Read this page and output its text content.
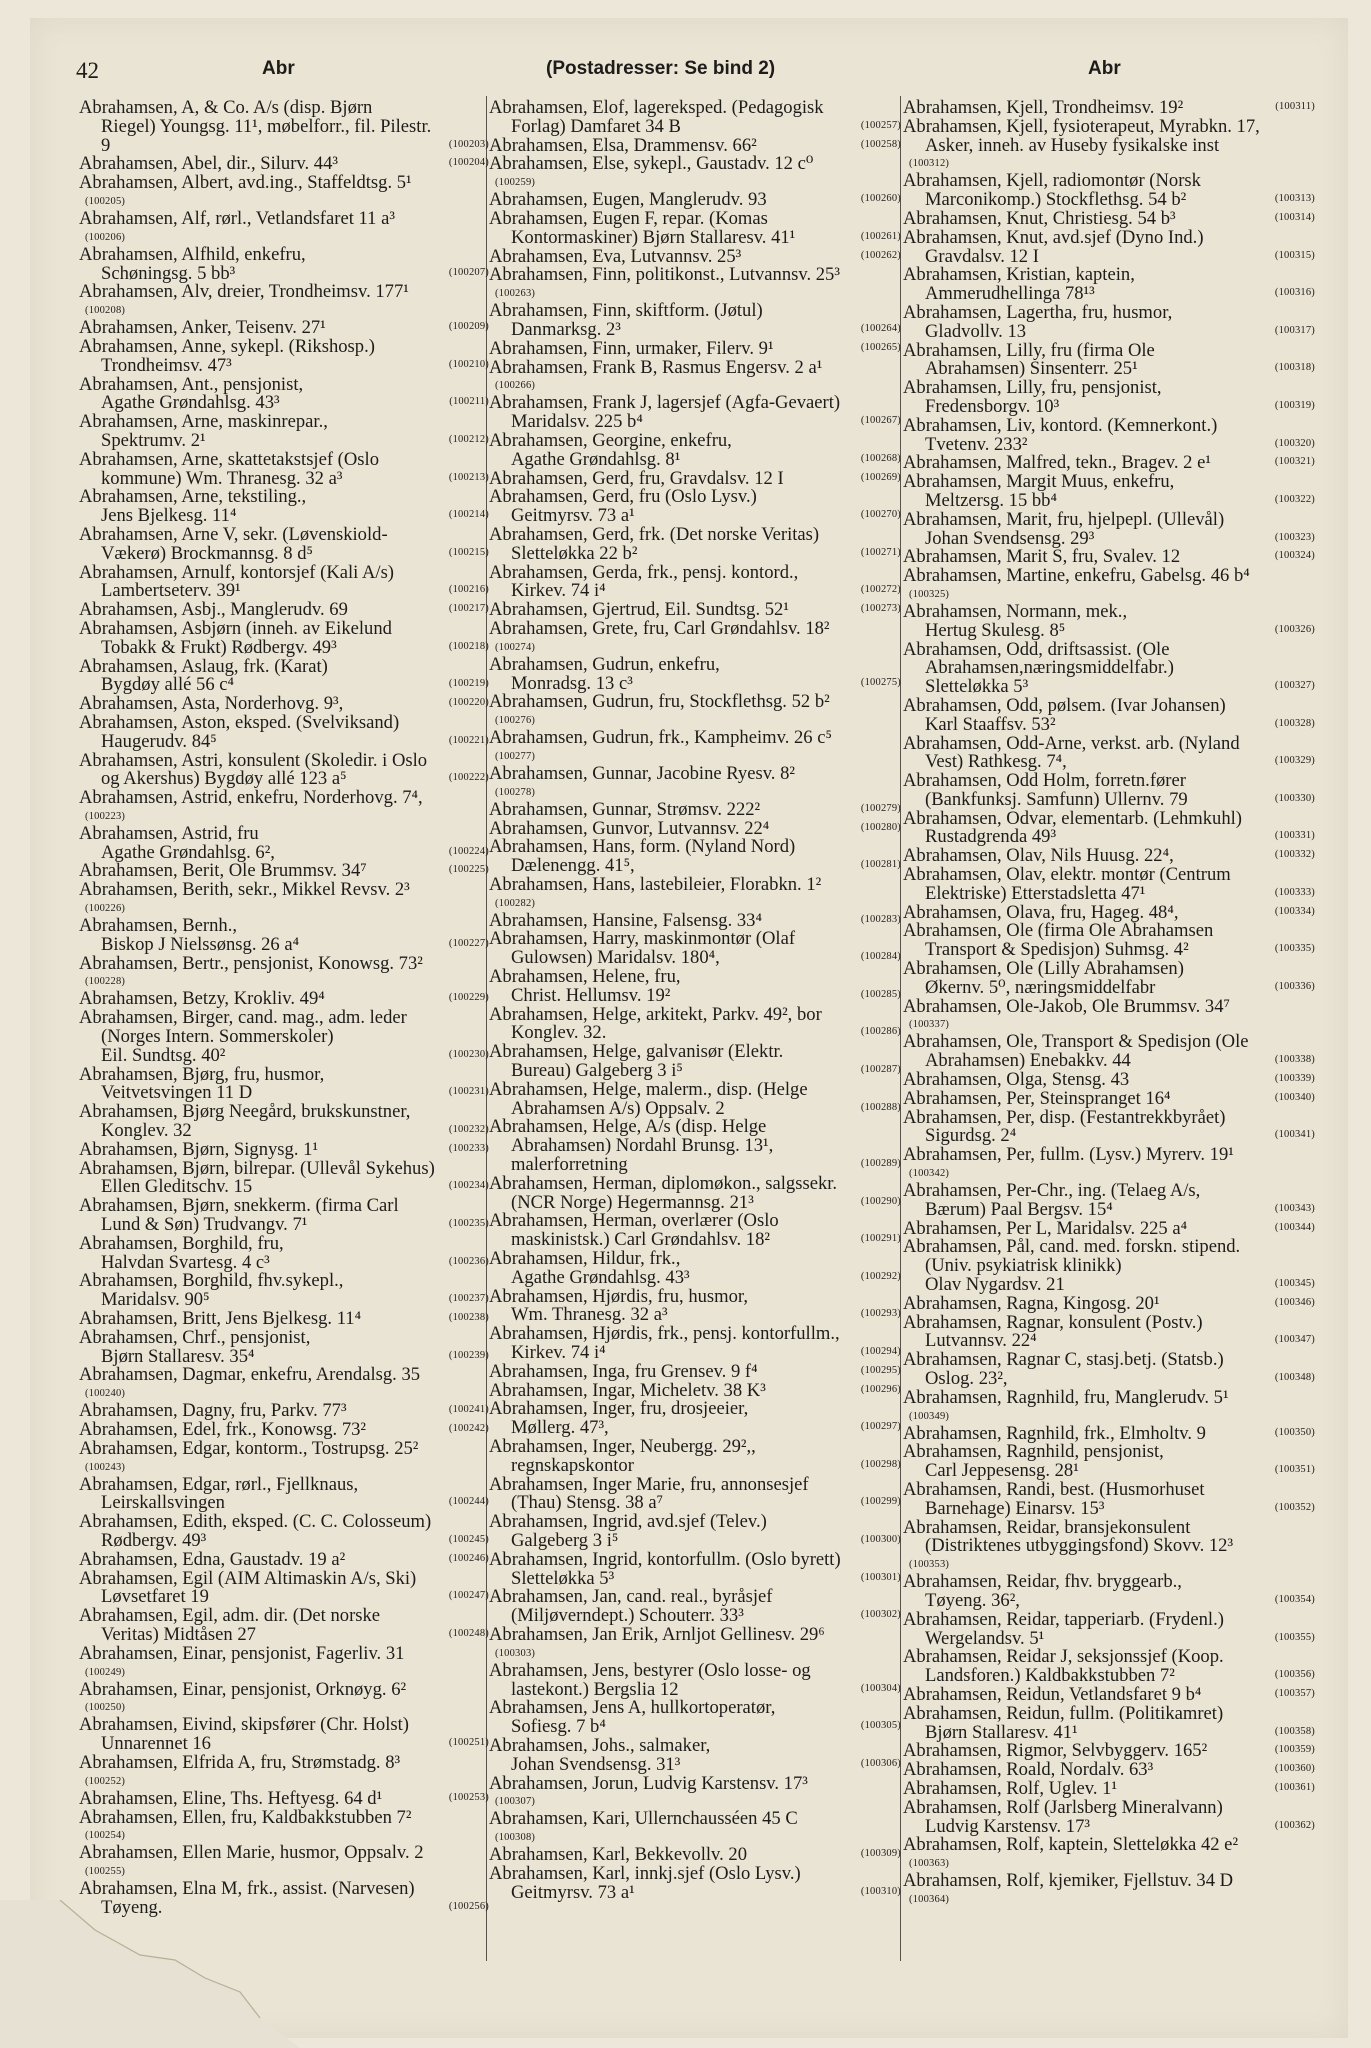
42	Abr	(Postadresser: Se bind 2)	Abr
Abrahamsen, A, & Co. A/s (disp. Bjørn
Riegel) Youngsg. 11¹, møbelforr., fil. Pilestr.
9	(100203)
Abrahamsen, Abel, dir., Silurv. 44³	(100204)
Abrahamsen, Albert, avd.ing., Staffeldtsg. 5¹
(100205)
Abrahamsen, Alf, rørl., Vetlandsfaret 11 a³
(100206)
Abrahamsen, Alfhild, enkefru,
Schøningsg. 5 bb³	(100207)
Abrahamsen, Alv, dreier, Trondheimsv. 177¹
(100208)
Abrahamsen, Anker, Teisenv. 27¹	(100209)
Abrahamsen, Anne, sykepl. (Rikshosp.)
Trondheimsv. 47³	(100210)
Abrahamsen, Ant., pensjonist,
Agathe Grøndahlsg. 43³	(100211)
Abrahamsen, Arne, maskinrepar.,
Spektrumv. 2¹	(100212)
Abrahamsen, Arne, skattetakstsjef (Oslo
kommune) Wm. Thranesg. 32 a³	(100213)
Abrahamsen, Arne, tekstiling.,
Jens Bjelkesg. 11⁴	(100214)
Abrahamsen, Arne V, sekr. (Løvenskiold-
Vækerø) Brockmannsg. 8 d⁵	(100215)
Abrahamsen, Arnulf, kontorsjef (Kali A/s)
Lambertseterv. 39¹	(100216)
Abrahamsen, Asbj., Manglerudv. 69	(100217)
Abrahamsen, Asbjørn (inneh. av Eikelund
Tobakk & Frukt) Rødbergv. 49³	(100218)
Abrahamsen, Aslaug, frk. (Karat)
Bygdøy allé 56 c⁴	(100219)
Abrahamsen, Asta, Norderhovg. 9³,	(100220)
Abrahamsen, Aston, eksped. (Svelviksand)
Haugerudv. 84⁵	(100221)
Abrahamsen, Astri, konsulent (Skoledir. i Oslo
og Akershus) Bygdøy allé 123 a⁵	(100222)
Abrahamsen, Astrid, enkefru, Norderhovg. 7⁴,
(100223)
Abrahamsen, Astrid, fru
Agathe Grøndahlsg. 6²,	(100224)
Abrahamsen, Berit, Ole Brummsv. 34⁷	(100225)
Abrahamsen, Berith, sekr., Mikkel Revsv. 2³
(100226)
Abrahamsen, Bernh.,
Biskop J Nielssønsg. 26 a⁴	(100227)
Abrahamsen, Bertr., pensjonist, Konowsg. 73²
(100228)
Abrahamsen, Betzy, Krokliv. 49⁴	(100229)
Abrahamsen, Birger, cand. mag., adm. leder
(Norges Intern. Sommerskoler)
Eil. Sundtsg. 40²	(100230)
Abrahamsen, Bjørg, fru, husmor,
Veitvetsvingen 11 D	(100231)
Abrahamsen, Bjørg Neegård, brukskunstner,
Konglev. 32	(100232)
Abrahamsen, Bjørn, Signysg. 1¹	(100233)
Abrahamsen, Bjørn, bilrepar. (Ullevål Sykehus)
Ellen Gleditschv. 15	(100234)
Abrahamsen, Bjørn, snekkerm. (firma Carl
Lund & Søn) Trudvangv. 7¹	(100235)
Abrahamsen, Borghild, fru,
Halvdan Svartesg. 4 c³	(100236)
Abrahamsen, Borghild, fhv.sykepl.,
Maridalsv. 90⁵	(100237)
Abrahamsen, Britt, Jens Bjelkesg. 11⁴	(100238)
Abrahamsen, Chrf., pensjonist,
Bjørn Stallaresv. 35⁴	(100239)
Abrahamsen, Dagmar, enkefru, Arendalsg. 35
(100240)
Abrahamsen, Dagny, fru, Parkv. 77³	(100241)
Abrahamsen, Edel, frk., Konowsg. 73²	(100242)
Abrahamsen, Edgar, kontorm., Tostrupsg. 25²
(100243)
Abrahamsen, Edgar, rørl., Fjellknaus,
Leirskallsvingen	(100244)
Abrahamsen, Edith, eksped. (C. C. Colosseum)
Rødbergv. 49³	(100245)
Abrahamsen, Edna, Gaustadv. 19 a²	(100246)
Abrahamsen, Egil (AIM Altimaskin A/s, Ski)
Løvsetfaret 19	(100247)
Abrahamsen, Egil, adm. dir. (Det norske
Veritas) Midtåsen 27	(100248)
Abrahamsen, Einar, pensjonist, Fagerliv. 31
(100249)
Abrahamsen, Einar, pensjonist, Orknøyg. 6²
(100250)
Abrahamsen, Eivind, skipsfører (Chr. Holst)
Unnarennet 16	(100251)
Abrahamsen, Elfrida A, fru, Strømstadg. 8³
(100252)
Abrahamsen, Eline, Ths. Heftyesg. 64 d¹	(100253)
Abrahamsen, Ellen, fru, Kaldbakkstubben 7²
(100254)
Abrahamsen, Ellen Marie, husmor, Oppsalv. 2
(100255)
Abrahamsen, Elna M, frk., assist. (Narvesen)
Tøyeng.	(100256)
Abrahamsen, Elof, lagereksped. (Pedagogisk
Forlag) Damfaret 34 B	(100257)
Abrahamsen, Elsa, Drammensv. 66²	(100258)
Abrahamsen, Else, sykepl., Gaustadv. 12 c⁰
(100259)
Abrahamsen, Eugen, Manglerudv. 93	(100260)
Abrahamsen, Eugen F, repar. (Komas
Kontormaskiner) Bjørn Stallaresv. 41¹	(100261)
Abrahamsen, Eva, Lutvannsv. 25³	(100262)
Abrahamsen, Finn, politikonst., Lutvannsv. 25³
(100263)
Abrahamsen, Finn, skiftform. (Jøtul)
Danmarksg. 2³	(100264)
Abrahamsen, Finn, urmaker, Filerv. 9¹	(100265)
Abrahamsen, Frank B, Rasmus Engersv. 2 a¹
(100266)
Abrahamsen, Frank J, lagersjef (Agfa-Gevaert)
Maridalsv. 225 b⁴	(100267)
Abrahamsen, Georgine, enkefru,
Agathe Grøndahlsg. 8¹	(100268)
Abrahamsen, Gerd, fru, Gravdalsv. 12 I	(100269)
Abrahamsen, Gerd, fru (Oslo Lysv.)
Geitmyrsv. 73 a¹	(100270)
Abrahamsen, Gerd, frk. (Det norske Veritas)
Sletteløkka 22 b²	(100271)
Abrahamsen, Gerda, frk., pensj. kontord.,
Kirkev. 74 i⁴	(100272)
Abrahamsen, Gjertrud, Eil. Sundtsg. 52¹	(100273)
Abrahamsen, Grete, fru, Carl Grøndahlsv. 18²
(100274)
Abrahamsen, Gudrun, enkefru,
Monradsg. 13 c³	(100275)
Abrahamsen, Gudrun, fru, Stockflethsg. 52 b²
(100276)
Abrahamsen, Gudrun, frk., Kampheimv. 26 c⁵
(100277)
Abrahamsen, Gunnar, Jacobine Ryesv. 8²
(100278)
Abrahamsen, Gunnar, Strømsv. 222²	(100279)
Abrahamsen, Gunvor, Lutvannsv. 22⁴	(100280)
Abrahamsen, Hans, form. (Nyland Nord)
Dælenengg. 41⁵,	(100281)
Abrahamsen, Hans, lastebileier, Florabkn. 1²
(100282)
Abrahamsen, Hansine, Falsensg. 33⁴	(100283)
Abrahamsen, Harry, maskinmontør (Olaf
Gulowsen) Maridalsv. 180⁴,	(100284)
Abrahamsen, Helene, fru,
Christ. Hellumsv. 19²	(100285)
Abrahamsen, Helge, arkitekt, Parkv. 49², bor
Konglev. 32.	(100286)
Abrahamsen, Helge, galvanisør (Elektr.
Bureau) Galgeberg 3 i⁵	(100287)
Abrahamsen, Helge, malerm., disp. (Helge
Abrahamsen A/s) Oppsalv. 2	(100288)
Abrahamsen, Helge, A/s (disp. Helge
Abrahamsen) Nordahl Brunsg. 13¹,
malerforretning	(100289)
Abrahamsen, Herman, diplomøkon., salgssekr.
(NCR Norge) Hegermannsg. 21³	(100290)
Abrahamsen, Herman, overlærer (Oslo
maskinistsk.) Carl Grøndahlsv. 18²	(100291)
Abrahamsen, Hildur, frk.,
Agathe Grøndahlsg. 43³	(100292)
Abrahamsen, Hjørdis, fru, husmor,
Wm. Thranesg. 32 a³	(100293)
Abrahamsen, Hjørdis, frk., pensj. kontorfullm.,
Kirkev. 74 i⁴	(100294)
Abrahamsen, Inga, fru Grensev. 9 f⁴	(100295)
Abrahamsen, Ingar, Micheletv. 38 K³	(100296)
Abrahamsen, Inger, fru, drosjeeier,
Møllerg. 47³,	(100297)
Abrahamsen, Inger, Neubergg. 29²,,
regnskapskontor	(100298)
Abrahamsen, Inger Marie, fru, annonsesjef
(Thau) Stensg. 38 a⁷	(100299)
Abrahamsen, Ingrid, avd.sjef (Telev.)
Galgeberg 3 i⁵	(100300)
Abrahamsen, Ingrid, kontorfullm. (Oslo byrett)
Sletteløkka 5³	(100301)
Abrahamsen, Jan, cand. real., byråsjef
(Miljøverndept.) Schouterr. 33³	(100302)
Abrahamsen, Jan Erik, Arnljot Gellinesv. 29⁶
(100303)
Abrahamsen, Jens, bestyrer (Oslo losse- og
lastekont.) Bergslia 12	(100304)
Abrahamsen, Jens A, hullkortoperatør,
Sofiesg. 7 b⁴	(100305)
Abrahamsen, Johs., salmaker,
Johan Svendsensg. 31³	(100306)
Abrahamsen, Jorun, Ludvig Karstensv. 17³
(100307)
Abrahamsen, Kari, Ullernchausséen 45 C
(100308)
Abrahamsen, Karl, Bekkevollv. 20	(100309)
Abrahamsen, Karl, innkj.sjef (Oslo Lysv.)
Geitmyrsv. 73 a¹	(100310)
Abrahamsen, Kjell, Trondheimsv. 19²	(100311)
Abrahamsen, Kjell, fysioterapeut, Myrabkn. 17,
Asker, inneh. av Huseby fysikalske inst
(100312)
Abrahamsen, Kjell, radiomontør (Norsk
Marconikomp.) Stockflethsg. 54 b²	(100313)
Abrahamsen, Knut, Christiesg. 54 b³	(100314)
Abrahamsen, Knut, avd.sjef (Dyno Ind.)
Gravdalsv. 12 I	(100315)
Abrahamsen, Kristian, kaptein,
Ammerudhellinga 78¹³	(100316)
Abrahamsen, Lagertha, fru, husmor,
Gladvollv. 13	(100317)
Abrahamsen, Lilly, fru (firma Ole
Abrahamsen) Sinsenterr. 25¹	(100318)
Abrahamsen, Lilly, fru, pensjonist,
Fredensborgv. 10³	(100319)
Abrahamsen, Liv, kontord. (Kemnerkont.)
Tvetenv. 233²	(100320)
Abrahamsen, Malfred, tekn., Bragev. 2 e¹	(100321)
Abrahamsen, Margit Muus, enkefru,
Meltzersg. 15 bb⁴	(100322)
Abrahamsen, Marit, fru, hjelpepl. (Ullevål)
Johan Svendsensg. 29³	(100323)
Abrahamsen, Marit S, fru, Svalev. 12	(100324)
Abrahamsen, Martine, enkefru, Gabelsg. 46 b⁴
(100325)
Abrahamsen, Normann, mek.,
Hertug Skulesg. 8⁵	(100326)
Abrahamsen, Odd, driftsassist. (Ole
Abrahamsen,næringsmiddelfabr.)
Sletteløkka 5³	(100327)
Abrahamsen, Odd, pølsem. (Ivar Johansen)
Karl Staaffsv. 53²	(100328)
Abrahamsen, Odd-Arne, verkst. arb. (Nyland
Vest) Rathkesg. 7⁴,	(100329)
Abrahamsen, Odd Holm, forretn.fører
(Bankfunksj. Samfunn) Ullernv. 79	(100330)
Abrahamsen, Odvar, elementarb. (Lehmkuhl)
Rustadgrenda 49³	(100331)
Abrahamsen, Olav, Nils Huusg. 22⁴,	(100332)
Abrahamsen, Olav, elektr. montør (Centrum
Elektriske) Etterstadsletta 47¹	(100333)
Abrahamsen, Olava, fru, Hageg. 48⁴,	(100334)
Abrahamsen, Ole (firma Ole Abrahamsen
Transport & Spedisjon) Suhmsg. 4²	(100335)
Abrahamsen, Ole (Lilly Abrahamsen)
Økernv. 5⁰, næringsmiddelfabr	(100336)
Abrahamsen, Ole-Jakob, Ole Brummsv. 34⁷
(100337)
Abrahamsen, Ole, Transport & Spedisjon (Ole
Abrahamsen) Enebakkv. 44	(100338)
Abrahamsen, Olga, Stensg. 43	(100339)
Abrahamsen, Per, Steinspranget 16⁴	(100340)
Abrahamsen, Per, disp. (Festantrekkbyrået)
Sigurdsg. 2⁴	(100341)
Abrahamsen, Per, fullm. (Lysv.) Myrerv. 19¹
(100342)
Abrahamsen, Per-Chr., ing. (Telaeg A/s,
Bærum) Paal Bergsv. 15⁴	(100343)
Abrahamsen, Per L, Maridalsv. 225 a⁴	(100344)
Abrahamsen, Pål, cand. med. forskn. stipend.
(Univ. psykiatrisk klinikk)
Olav Nygardsv. 21	(100345)
Abrahamsen, Ragna, Kingosg. 20¹	(100346)
Abrahamsen, Ragnar, konsulent (Postv.)
Lutvannsv. 22⁴	(100347)
Abrahamsen, Ragnar C, stasj.betj. (Statsb.)
Oslog. 23²,	(100348)
Abrahamsen, Ragnhild, fru, Manglerudv. 5¹
(100349)
Abrahamsen, Ragnhild, frk., Elmholtv. 9	(100350)
Abrahamsen, Ragnhild, pensjonist,
Carl Jeppesensg. 28¹	(100351)
Abrahamsen, Randi, best. (Husmorhuset
Barnehage) Einarsv. 15³	(100352)
Abrahamsen, Reidar, bransjekonsulent
(Distriktenes utbyggingsfond) Skovv. 12³
(100353)
Abrahamsen, Reidar, fhv. bryggearb.,
Tøyeng. 36²,	(100354)
Abrahamsen, Reidar, tapperiarb. (Frydenl.)
Wergelandsv. 5¹	(100355)
Abrahamsen, Reidar J, seksjonssjef (Koop.
Landsforen.) Kaldbakkstubben 7²	(100356)
Abrahamsen, Reidun, Vetlandsfaret 9 b⁴	(100357)
Abrahamsen, Reidun, fullm. (Politikamret)
Bjørn Stallaresv. 41¹	(100358)
Abrahamsen, Rigmor, Selvbyggerv. 165²	(100359)
Abrahamsen, Roald, Nordalv. 63³	(100360)
Abrahamsen, Rolf, Uglev. 1¹	(100361)
Abrahamsen, Rolf (Jarlsberg Mineralvann)
Ludvig Karstensv. 17³	(100362)
Abrahamsen, Rolf, kaptein, Sletteløkka 42 e²
(100363)
Abrahamsen, Rolf, kjemiker, Fjellstuv. 34 D
(100364)
